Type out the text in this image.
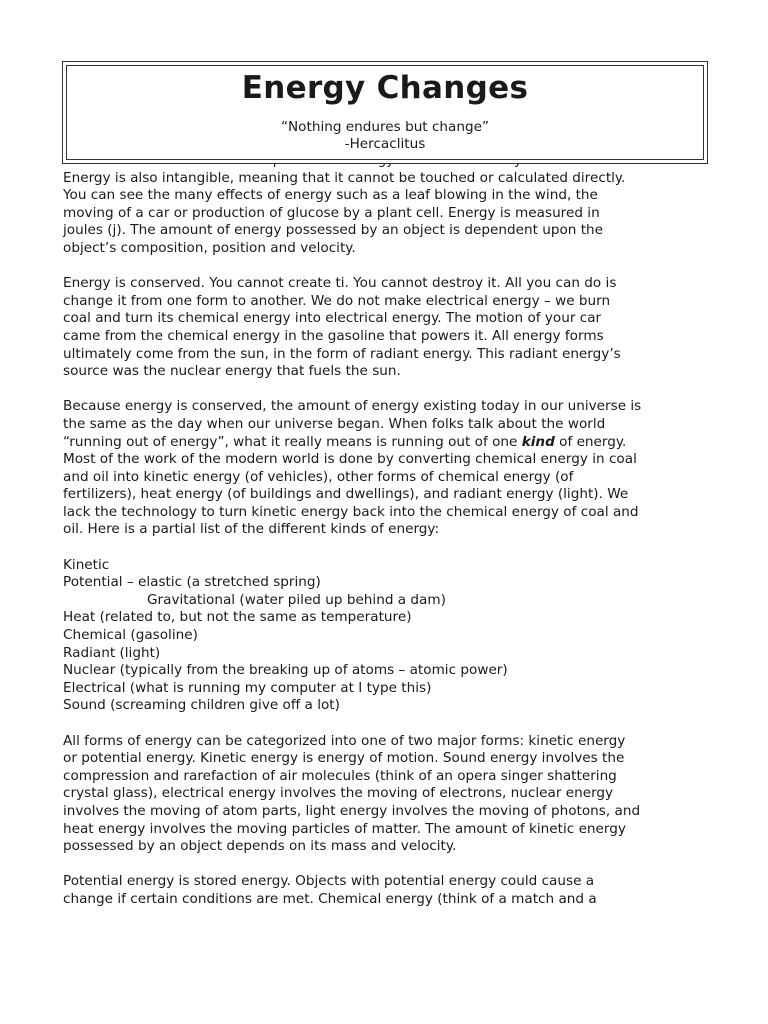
Energy is also intangible, meaning that it cannot be touched or calculated directly.
You can see the many effects of energy such as a leaf blowing in the wind, the
moving of a car or production of glucose by a plant cell. Energy is measured in
joules (j). The amount of energy possessed by an object is dependent upon the
object’s composition, position and velocity.
Energy is conserved. You cannot create ti. You cannot destroy it. All you can do is
change it from one form to another. We do not make electrical energy – we burn
coal and turn its chemical energy into electrical energy. The motion of your car
came from the chemical energy in the gasoline that powers it. All energy forms
ultimately come from the sun, in the form of radiant energy. This radiant energy’s
source was the nuclear energy that fuels the sun.
Because energy is conserved, the amount of energy existing today in our universe is
the same as the day when our universe began. When folks talk about the world
“running out of energy”, what it really means is running out of one kind of energy.
Most of the work of the modern world is done by converting chemical energy in coal
and oil into kinetic energy (of vehicles), other forms of chemical energy (of
fertilizers), heat energy (of buildings and dwellings), and radiant energy (light). We
lack the technology to turn kinetic energy back into the chemical energy of coal and
oil. Here is a partial list of the different kinds of energy:
Kinetic
Potential – elastic (a stretched spring)
Gravitational (water piled up behind a dam)
Heat (related to, but not the same as temperature)
Chemical (gasoline)
Radiant (light)
Nuclear (typically from the breaking up of atoms – atomic power)
Electrical (what is running my computer at I type this)
Sound (screaming children give off a lot)
All forms of energy can be categorized into one of two major forms: kinetic energy
or potential energy. Kinetic energy is energy of motion. Sound energy involves the
compression and rarefaction of air molecules (think of an opera singer shattering
crystal glass), electrical energy involves the moving of electrons, nuclear energy
involves the moving of atom parts, light energy involves the moving of photons, and
heat energy involves the moving particles of matter. The amount of kinetic energy
possessed by an object depends on its mass and velocity.
Potential energy is stored energy. Objects with potential energy could cause a
change if certain conditions are met. Chemical energy (think of a match and a
Energy Changes
“Nothing endures but change”
-Hercaclitus
